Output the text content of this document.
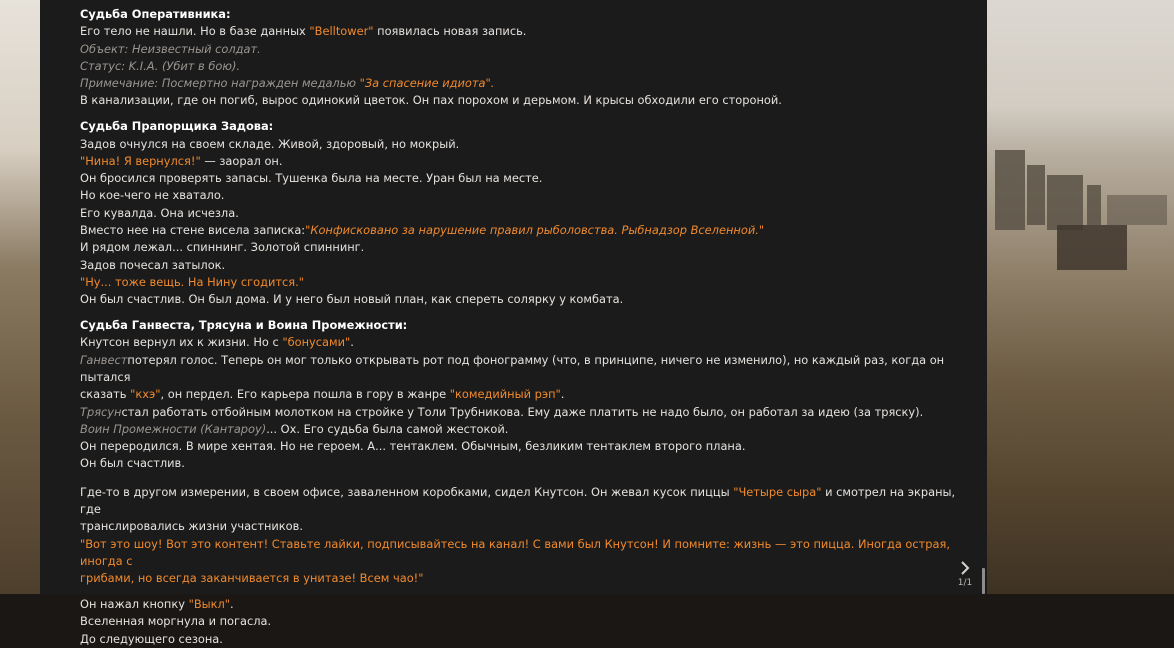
Судьба Оперативника:

Его тело не нашли. Но в базе данных "Belltower" появилась новая запись.

Объект: Неизвестный солдат.

Статус: K.I.A. (Убит в бою).

Примечание: Посмертно награжден медалью "За спасение идиота".

В канализации, где он погиб, вырос одинокий цветок. Он пах порохом и дерьмом. И крысы обходили его стороной.

Судьба Прапорщика Задова:

Задов очнулся на своем складе. Живой, здоровый, но мокрый.

"Нина! Я вернулся!" — заорал он.

Он бросился проверять запасы. Тушенка была на месте. Уран был на месте.

Но кое-чего не хватало.

Его кувалда. Она исчезла.

Вместо нее на стене висела записка:"Конфисковано за нарушение правил рыболовства. Рыбнадзор Вселенной."

И рядом лежал... спиннинг. Золотой спиннинг.

Задов почесал затылок.

"Ну... тоже вещь. На Нину сгодится."

Он был счастлив. Он был дома. И у него был новый план, как спереть солярку у комбата.

Судьба Ганвеста, Трясуна и Воина Промежности:

Кнутсон вернул их к жизни. Но с "бонусами".

Ганвестпотерял голос. Теперь он мог только открывать рот под фонограмму (что, в принципе, ничего не изменило), но каждый раз, когда он пытался

сказать "кхэ", он пердел. Его карьера пошла в гору в жанре "комедийный рэп".

Трясунстал работать отбойным молотком на стройке у Толи Трубникова. Ему даже платить не надо было, он работал за идею (за тряску).

Воин Промежности (Кантароу)... Ох. Его судьба была самой жестокой.

Он переродился. В мире хентая. Но не героем. А... тентаклем. Обычным, безликим тентаклем второго плана.

Он был счастлив.

Где-то в другом измерении, в своем офисе, заваленном коробками, сидел Кнутсон. Он жевал кусок пиццы "Четыре сыра" и смотрел на экраны, где

транслировались жизни участников.

"Вот это шоу! Вот это контент! Ставьте лайки, подписывайтесь на канал! С вами был Кнутсон! И помните: жизнь — это пицца. Иногда острая, иногда с

грибами, но всегда заканчивается в унитазе! Всем чао!"

Он нажал кнопку "Выкл".

Вселенная моргнула и погасла.

До следующего сезона.

1/1
